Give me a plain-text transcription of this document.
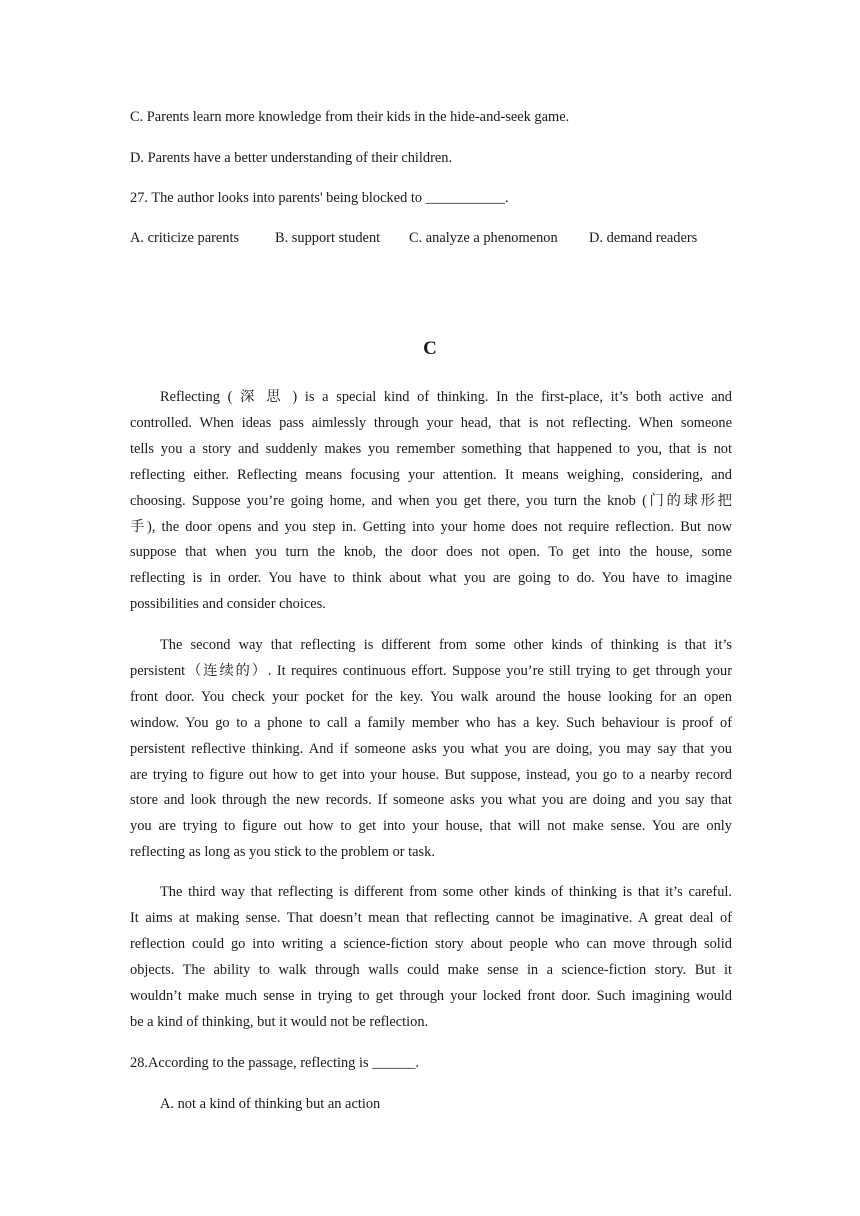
C. Parents learn more knowledge from their kids in the hide-and-seek game.
D. Parents have a better understanding of their children.
27. The author looks into parents' being blocked to ___________.
A. criticize parents	B. support student	C. analyze a phenomenon	D. demand readers
C
Reflecting ( 深 思 ) is a special kind of thinking. In the first-place, it’s both active and
controlled. When ideas pass aimlessly through your head, that is not reflecting. When someone
tells you a story and suddenly makes you remember something that happened to you, that is not
reflecting either. Reflecting means focusing your attention. It means weighing, considering, and
choosing. Suppose you’re going home, and when you get there, you turn the knob (门的球形把
手), the door opens and you step in. Getting into your home does not require reflection. But now
suppose that when you turn the knob, the door does not open. To get into the house, some
reflecting is in order. You have to think about what you are going to do. You have to imagine
possibilities and consider choices.
The second way that reflecting is different from some other kinds of thinking is that it’s
persistent（连续的）. It requires continuous effort. Suppose you’re still trying to get through your
front door. You check your pocket for the key. You walk around the house looking for an open
window. You go to a phone to call a family member who has a key. Such behaviour is proof of
persistent reflective thinking. And if someone asks you what you are doing, you may say that you
are trying to figure out how to get into your house. But suppose, instead, you go to a nearby record
store and look through the new records. If someone asks you what you are doing and you say that
you are trying to figure out how to get into your house, that will not make sense. You are only
reflecting as long as you stick to the problem or task.
The third way that reflecting is different from some other kinds of thinking is that it’s careful.
It aims at making sense. That doesn’t mean that reflecting cannot be imaginative. A great deal of
reflection could go into writing a science-fiction story about people who can move through solid
objects. The ability to walk through walls could make sense in a science-fiction story. But it
wouldn’t make much sense in trying to get through your locked front door. Such imagining would
be a kind of thinking, but it would not be reflection.
28.According to the passage, reflecting is ______.
A. not a kind of thinking but an action
